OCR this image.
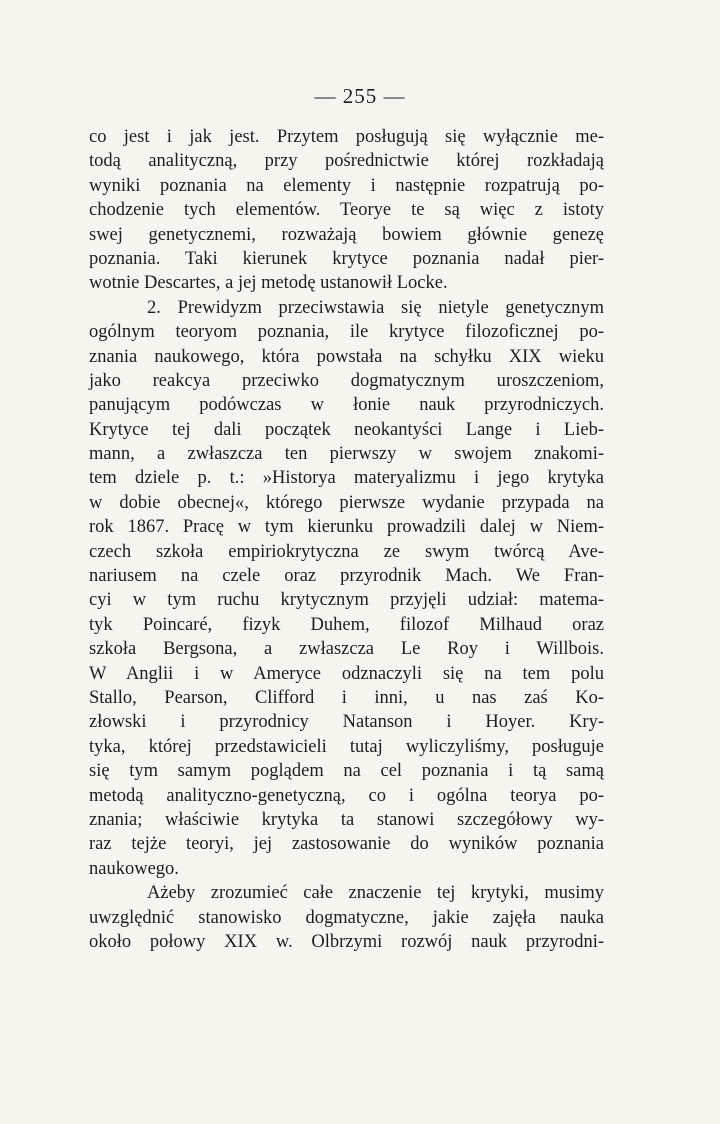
— 255 —
co jest i jak jest. Przytem posługują się wyłącznie me-
todą analityczną, przy pośrednictwie której rozkładają
wyniki poznania na elementy i następnie rozpatrują po-
chodzenie tych elementów. Teorye te są więc z istoty
swej genetycznemi, rozważają bowiem głównie genezę
poznania. Taki kierunek krytyce poznania nadał pier-
wotnie Descartes, a jej metodę ustanowił Locke.
2. Prewidyzm przeciwstawia się nietyle genetycznym
ogólnym teoryom poznania, ile krytyce filozoficznej po-
znania naukowego, która powstała na schyłku XIX wieku
jako reakcya przeciwko dogmatycznym uroszczeniom,
panującym podówczas w łonie nauk przyrodniczych.
Krytyce tej dali początek neokantyści Lange i Lieb-
mann, a zwłaszcza ten pierwszy w swojem znakomi-
tem dziele p. t.: »Historya materyalizmu i jego krytyka
w dobie obecnej«, którego pierwsze wydanie przypada na
rok 1867. Pracę w tym kierunku prowadzili dalej w Niem-
czech szkoła empiriokrytyczna ze swym twórcą Ave-
nariusem na czele oraz przyrodnik Mach. We Fran-
cyi w tym ruchu krytycznym przyjęli udział: matema-
tyk Poincaré, fizyk Duhem, filozof Milhaud oraz
szkoła Bergsona, a zwłaszcza Le Roy i Willbois.
W Anglii i w Ameryce odznaczyli się na tem polu
Stallo, Pearson, Clifford i inni, u nas zaś Ko-
złowski i przyrodnicy Natanson i Hoyer. Kry-
tyka, której przedstawicieli tutaj wyliczyliśmy, posługuje
się tym samym poglądem na cel poznania i tą samą
metodą analityczno-genetyczną, co i ogólna teorya po-
znania; właściwie krytyka ta stanowi szczegółowy wy-
raz tejże teoryi, jej zastosowanie do wyników poznania
naukowego.
Ażeby zrozumieć całe znaczenie tej krytyki, musimy
uwzględnić stanowisko dogmatyczne, jakie zajęła nauka
około połowy XIX w. Olbrzymi rozwój nauk przyrodni-
